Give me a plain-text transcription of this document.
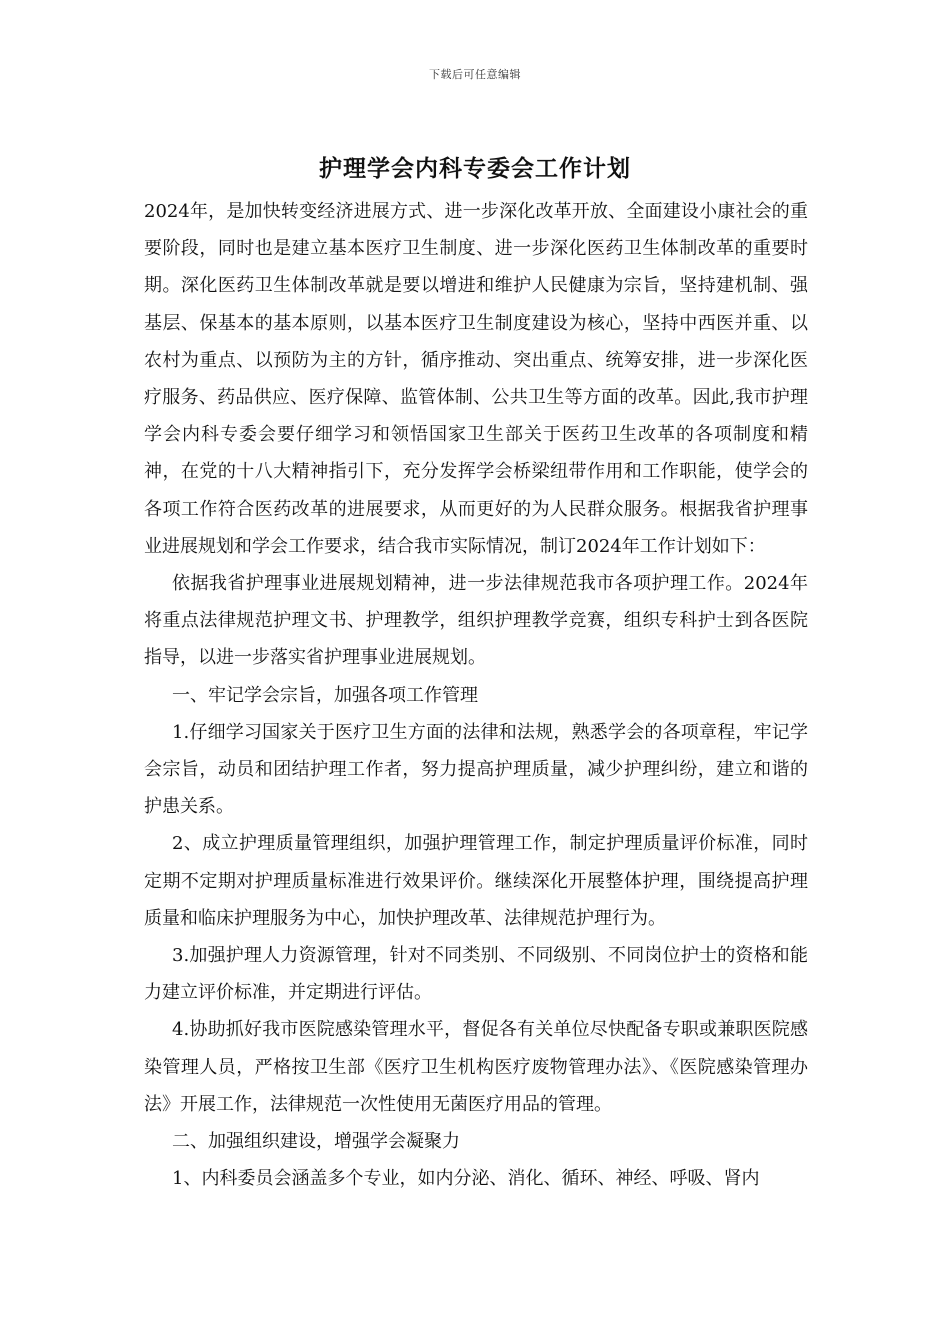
下载后可任意编辑
护理学会内科专委会工作计划

2024年，是加快转变经济进展方式、进一步深化改革开放、全面建设小康社会的重要阶段，同时也是建立基本医疗卫生制度、进一步深化医药卫生体制改革的重要时期。深化医药卫生体制改革就是要以增进和维护人民健康为宗旨，坚持建机制、强基层、保基本的基本原则，以基本医疗卫生制度建设为核心，坚持中西医并重、以农村为重点、以预防为主的方针，循序推动、突出重点、统筹安排，进一步深化医疗服务、药品供应、医疗保障、监管体制、公共卫生等方面的改革。因此,我市护理学会内科专委会要仔细学习和领悟国家卫生部关于医药卫生改革的各项制度和精神，在党的十八大精神指引下，充分发挥学会桥梁纽带作用和工作职能，使学会的各项工作符合医药改革的进展要求，从而更好的为人民群众服务。根据我省护理事业进展规划和学会工作要求，结合我市实际情况，制订2024年工作计划如下：

依据我省护理事业进展规划精神，进一步法律规范我市各项护理工作。2024年将重点法律规范护理文书、护理教学，组织护理教学竞赛，组织专科护士到各医院指导，以进一步落实省护理事业进展规划。

一、牢记学会宗旨，加强各项工作管理

1.仔细学习国家关于医疗卫生方面的法律和法规，熟悉学会的各项章程，牢记学会宗旨，动员和团结护理工作者，努力提高护理质量，减少护理纠纷，建立和谐的护患关系。

2、成立护理质量管理组织，加强护理管理工作，制定护理质量评价标准，同时定期不定期对护理质量标准进行效果评价。继续深化开展整体护理，围绕提高护理质量和临床护理服务为中心，加快护理改革、法律规范护理行为。

3.加强护理人力资源管理，针对不同类别、不同级别、不同岗位护士的资格和能力建立评价标准，并定期进行评估。

4.协助抓好我市医院感染管理水平，督促各有关单位尽快配备专职或兼职医院感染管理人员，严格按卫生部《医疗卫生机构医疗废物管理办法》、《医院感染管理办法》开展工作，法律规范一次性使用无菌医疗用品的管理。

二、加强组织建设，增强学会凝聚力

1、内科委员会涵盖多个专业，如内分泌、消化、循环、神经、呼吸、肾内
